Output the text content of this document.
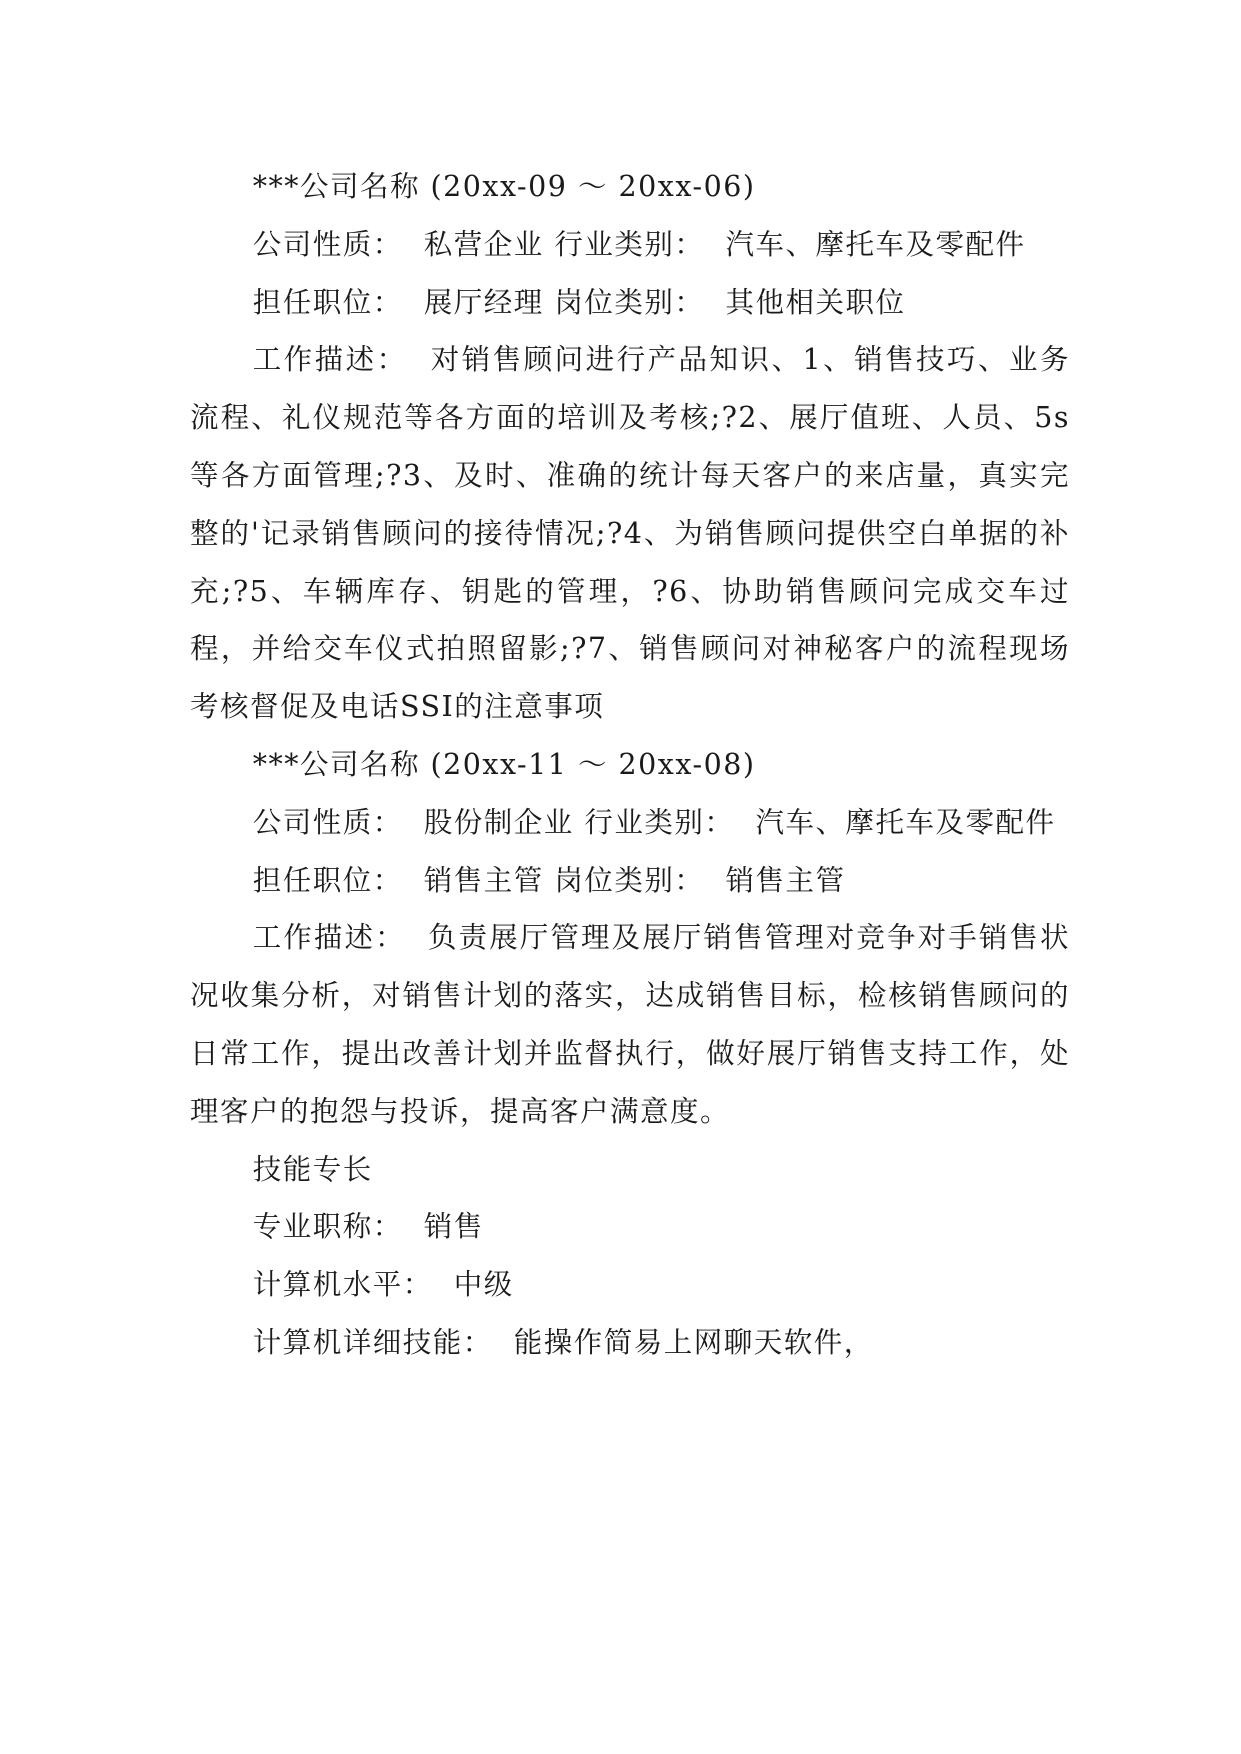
***公司名称 (20xx-09 ～ 20xx-06)

公司性质：  私营企业 行业类别：  汽车、摩托车及零配件

担任职位：  展厅经理 岗位类别：  其他相关职位

工作描述：  对销售顾问进行产品知识、1、销售技巧、业务流程、礼仪规范等各方面的培训及考核;?2、展厅值班、人员、5s等各方面管理;?3、及时、准确的统计每天客户的来店量，真实完整的'记录销售顾问的接待情况;?4、为销售顾问提供空白单据的补充;?5、车辆库存、钥匙的管理，?6、协助销售顾问完成交车过程，并给交车仪式拍照留影;?7、销售顾问对神秘客户的流程现场考核督促及电话SSI的注意事项

***公司名称 (20xx-11 ～ 20xx-08)

公司性质：  股份制企业 行业类别：  汽车、摩托车及零配件

担任职位：  销售主管 岗位类别：  销售主管

工作描述：  负责展厅管理及展厅销售管理对竞争对手销售状况收集分析，对销售计划的落实，达成销售目标，检核销售顾问的日常工作，提出改善计划并监督执行，做好展厅销售支持工作，处理客户的抱怨与投诉，提高客户满意度。

技能专长

专业职称：  销售

计算机水平：  中级

计算机详细技能：  能操作简易上网聊天软件，
